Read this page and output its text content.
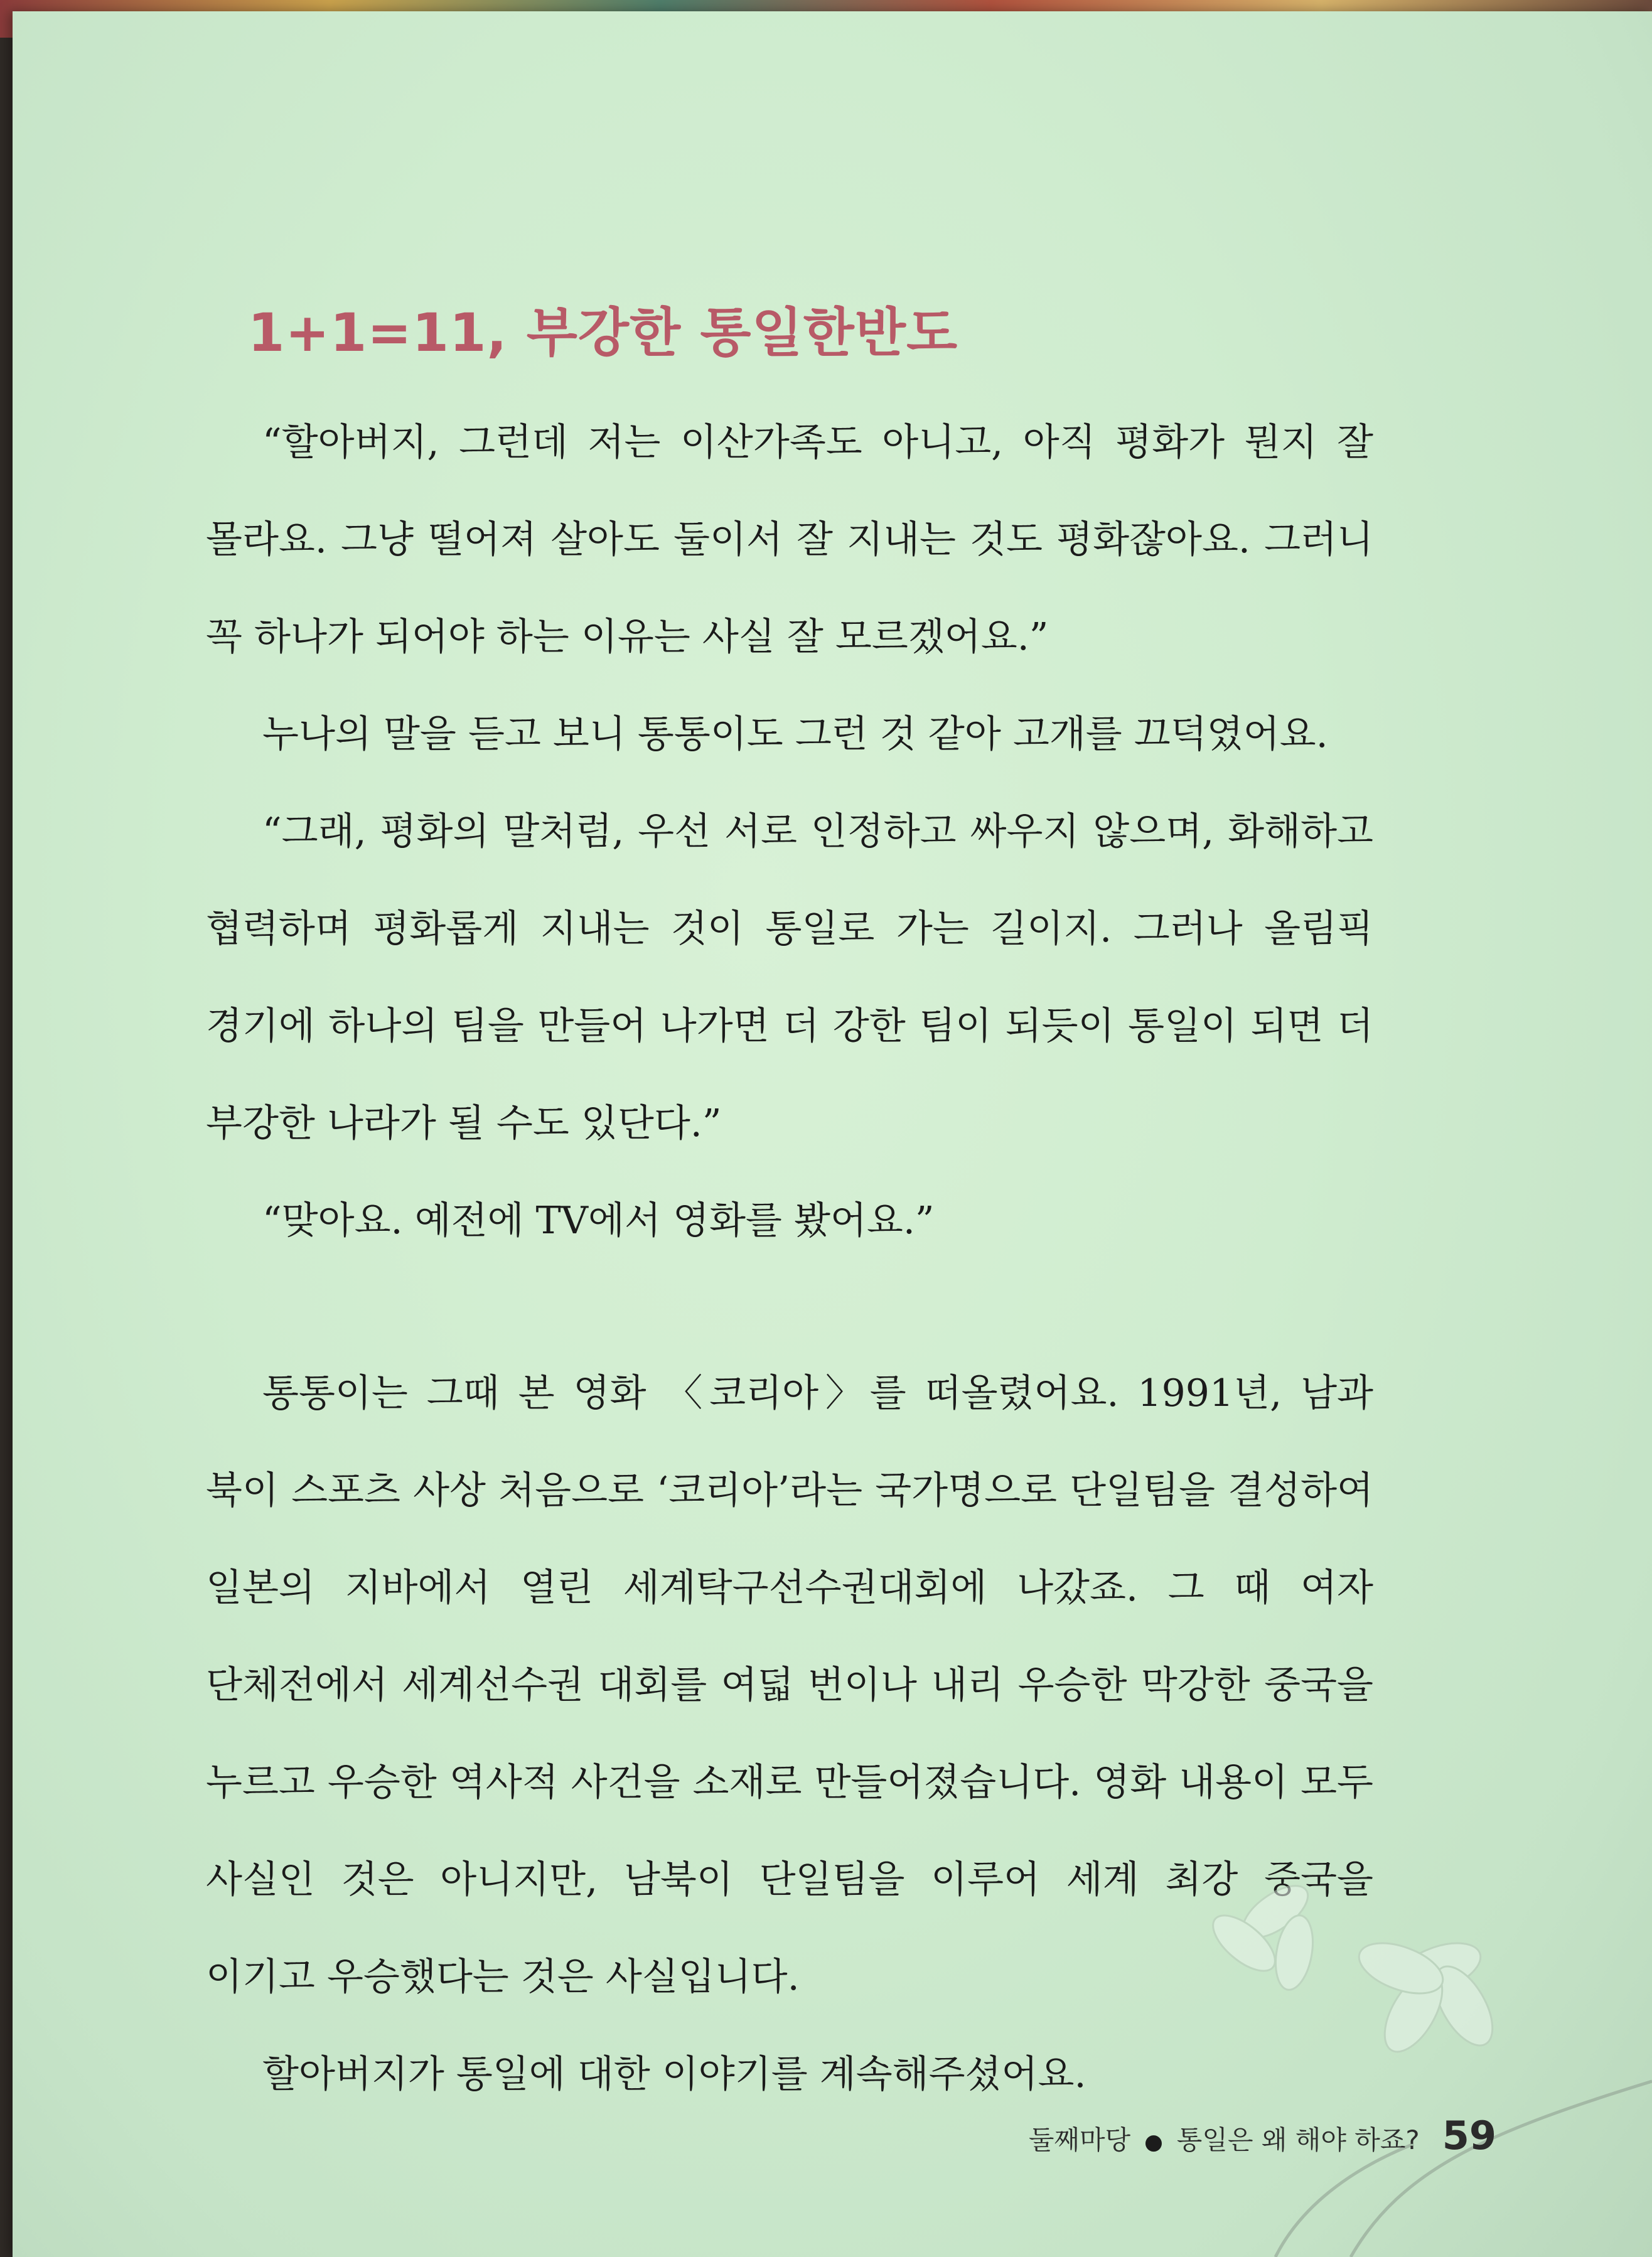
1+1=11, 부강한 통일한반도

“할아버지, 그런데 저는 이산가족도 아니고, 아직 평화가 뭔지 잘 몰라요. 그냥 떨어져 살아도 둘이서 잘 지내는 것도 평화잖아요. 그러니 꼭 하나가 되어야 하는 이유는 사실 잘 모르겠어요.”

누나의 말을 듣고 보니 통통이도 그런 것 같아 고개를 끄덕였어요.

“그래, 평화의 말처럼, 우선 서로 인정하고 싸우지 않으며, 화해하고 협력하며 평화롭게 지내는 것이 통일로 가는 길이지. 그러나 올림픽 경기에 하나의 팀을 만들어 나가면 더 강한 팀이 되듯이 통일이 되면 더 부강한 나라가 될 수도 있단다.”

“맞아요. 예전에 TV에서 영화를 봤어요.”

통통이는 그때 본 영화 〈코리아〉를 떠올렸어요. 1991년, 남과 북이 스포츠 사상 처음으로 ‘코리아’라는 국가명으로 단일팀을 결성하여 일본의 지바에서 열린 세계탁구선수권대회에 나갔죠. 그 때 여자 단체전에서 세계선수권 대회를 여덟 번이나 내리 우승한 막강한 중국을 누르고 우승한 역사적 사건을 소재로 만들어졌습니다. 영화 내용이 모두 사실인 것은 아니지만, 남북이 단일팀을 이루어 세계 최강 중국을 이기고 우승했다는 것은 사실입니다.

할아버지가 통일에 대한 이야기를 계속해주셨어요.

둘째마당 ● 통일은 왜 해야 하죠? 59
